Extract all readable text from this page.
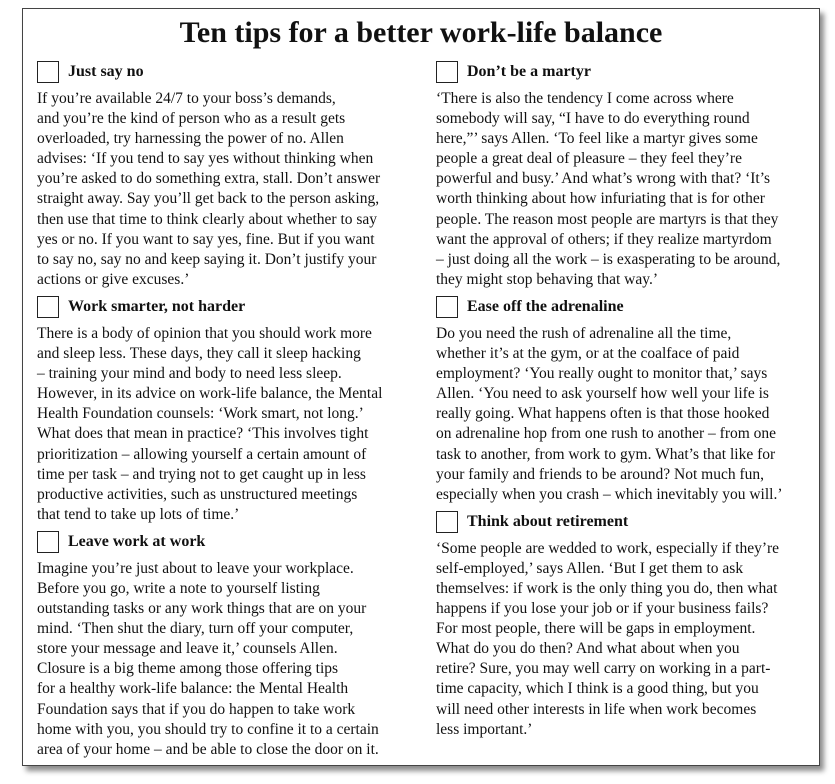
Ten tips for a better work-life balance
Just say no
If you’re available 24/7 to your boss’s demands,
and you’re the kind of person who as a result gets
overloaded, try harnessing the power of no. Allen
advises: ‘If you tend to say yes without thinking when
you’re asked to do something extra, stall. Don’t answer
straight away. Say you’ll get back to the person asking,
then use that time to think clearly about whether to say
yes or no. If you want to say yes, fine. But if you want
to say no, say no and keep saying it. Don’t justify your
actions or give excuses.’
Work smarter, not harder
There is a body of opinion that you should work more
and sleep less. These days, they call it sleep hacking
– training your mind and body to need less sleep.
However, in its advice on work-life balance, the Mental
Health Foundation counsels: ‘Work smart, not long.’
What does that mean in practice? ‘This involves tight
prioritization – allowing yourself a certain amount of
time per task – and trying not to get caught up in less
productive activities, such as unstructured meetings
that tend to take up lots of time.’
Leave work at work
Imagine you’re just about to leave your workplace.
Before you go, write a note to yourself listing
outstanding tasks or any work things that are on your
mind. ‘Then shut the diary, turn off your computer,
store your message and leave it,’ counsels Allen.
Closure is a big theme among those offering tips
for a healthy work-life balance: the Mental Health
Foundation says that if you do happen to take work
home with you, you should try to confine it to a certain
area of your home – and be able to close the door on it.
Don’t be a martyr
‘There is also the tendency I come across where
somebody will say, “I have to do everything round
here,”’ says Allen. ‘To feel like a martyr gives some
people a great deal of pleasure – they feel they’re
powerful and busy.’ And what’s wrong with that? ‘It’s
worth thinking about how infuriating that is for other
people. The reason most people are martyrs is that they
want the approval of others; if they realize martyrdom
– just doing all the work – is exasperating to be around,
they might stop behaving that way.’
Ease off the adrenaline
Do you need the rush of adrenaline all the time,
whether it’s at the gym, or at the coalface of paid
employment? ‘You really ought to monitor that,’ says
Allen. ‘You need to ask yourself how well your life is
really going. What happens often is that those hooked
on adrenaline hop from one rush to another – from one
task to another, from work to gym. What’s that like for
your family and friends to be around? Not much fun,
especially when you crash – which inevitably you will.’
Think about retirement
‘Some people are wedded to work, especially if they’re
self-employed,’ says Allen. ‘But I get them to ask
themselves: if work is the only thing you do, then what
happens if you lose your job or if your business fails?
For most people, there will be gaps in employment.
What do you do then? And what about when you
retire? Sure, you may well carry on working in a part-
time capacity, which I think is a good thing, but you
will need other interests in life when work becomes
less important.’
